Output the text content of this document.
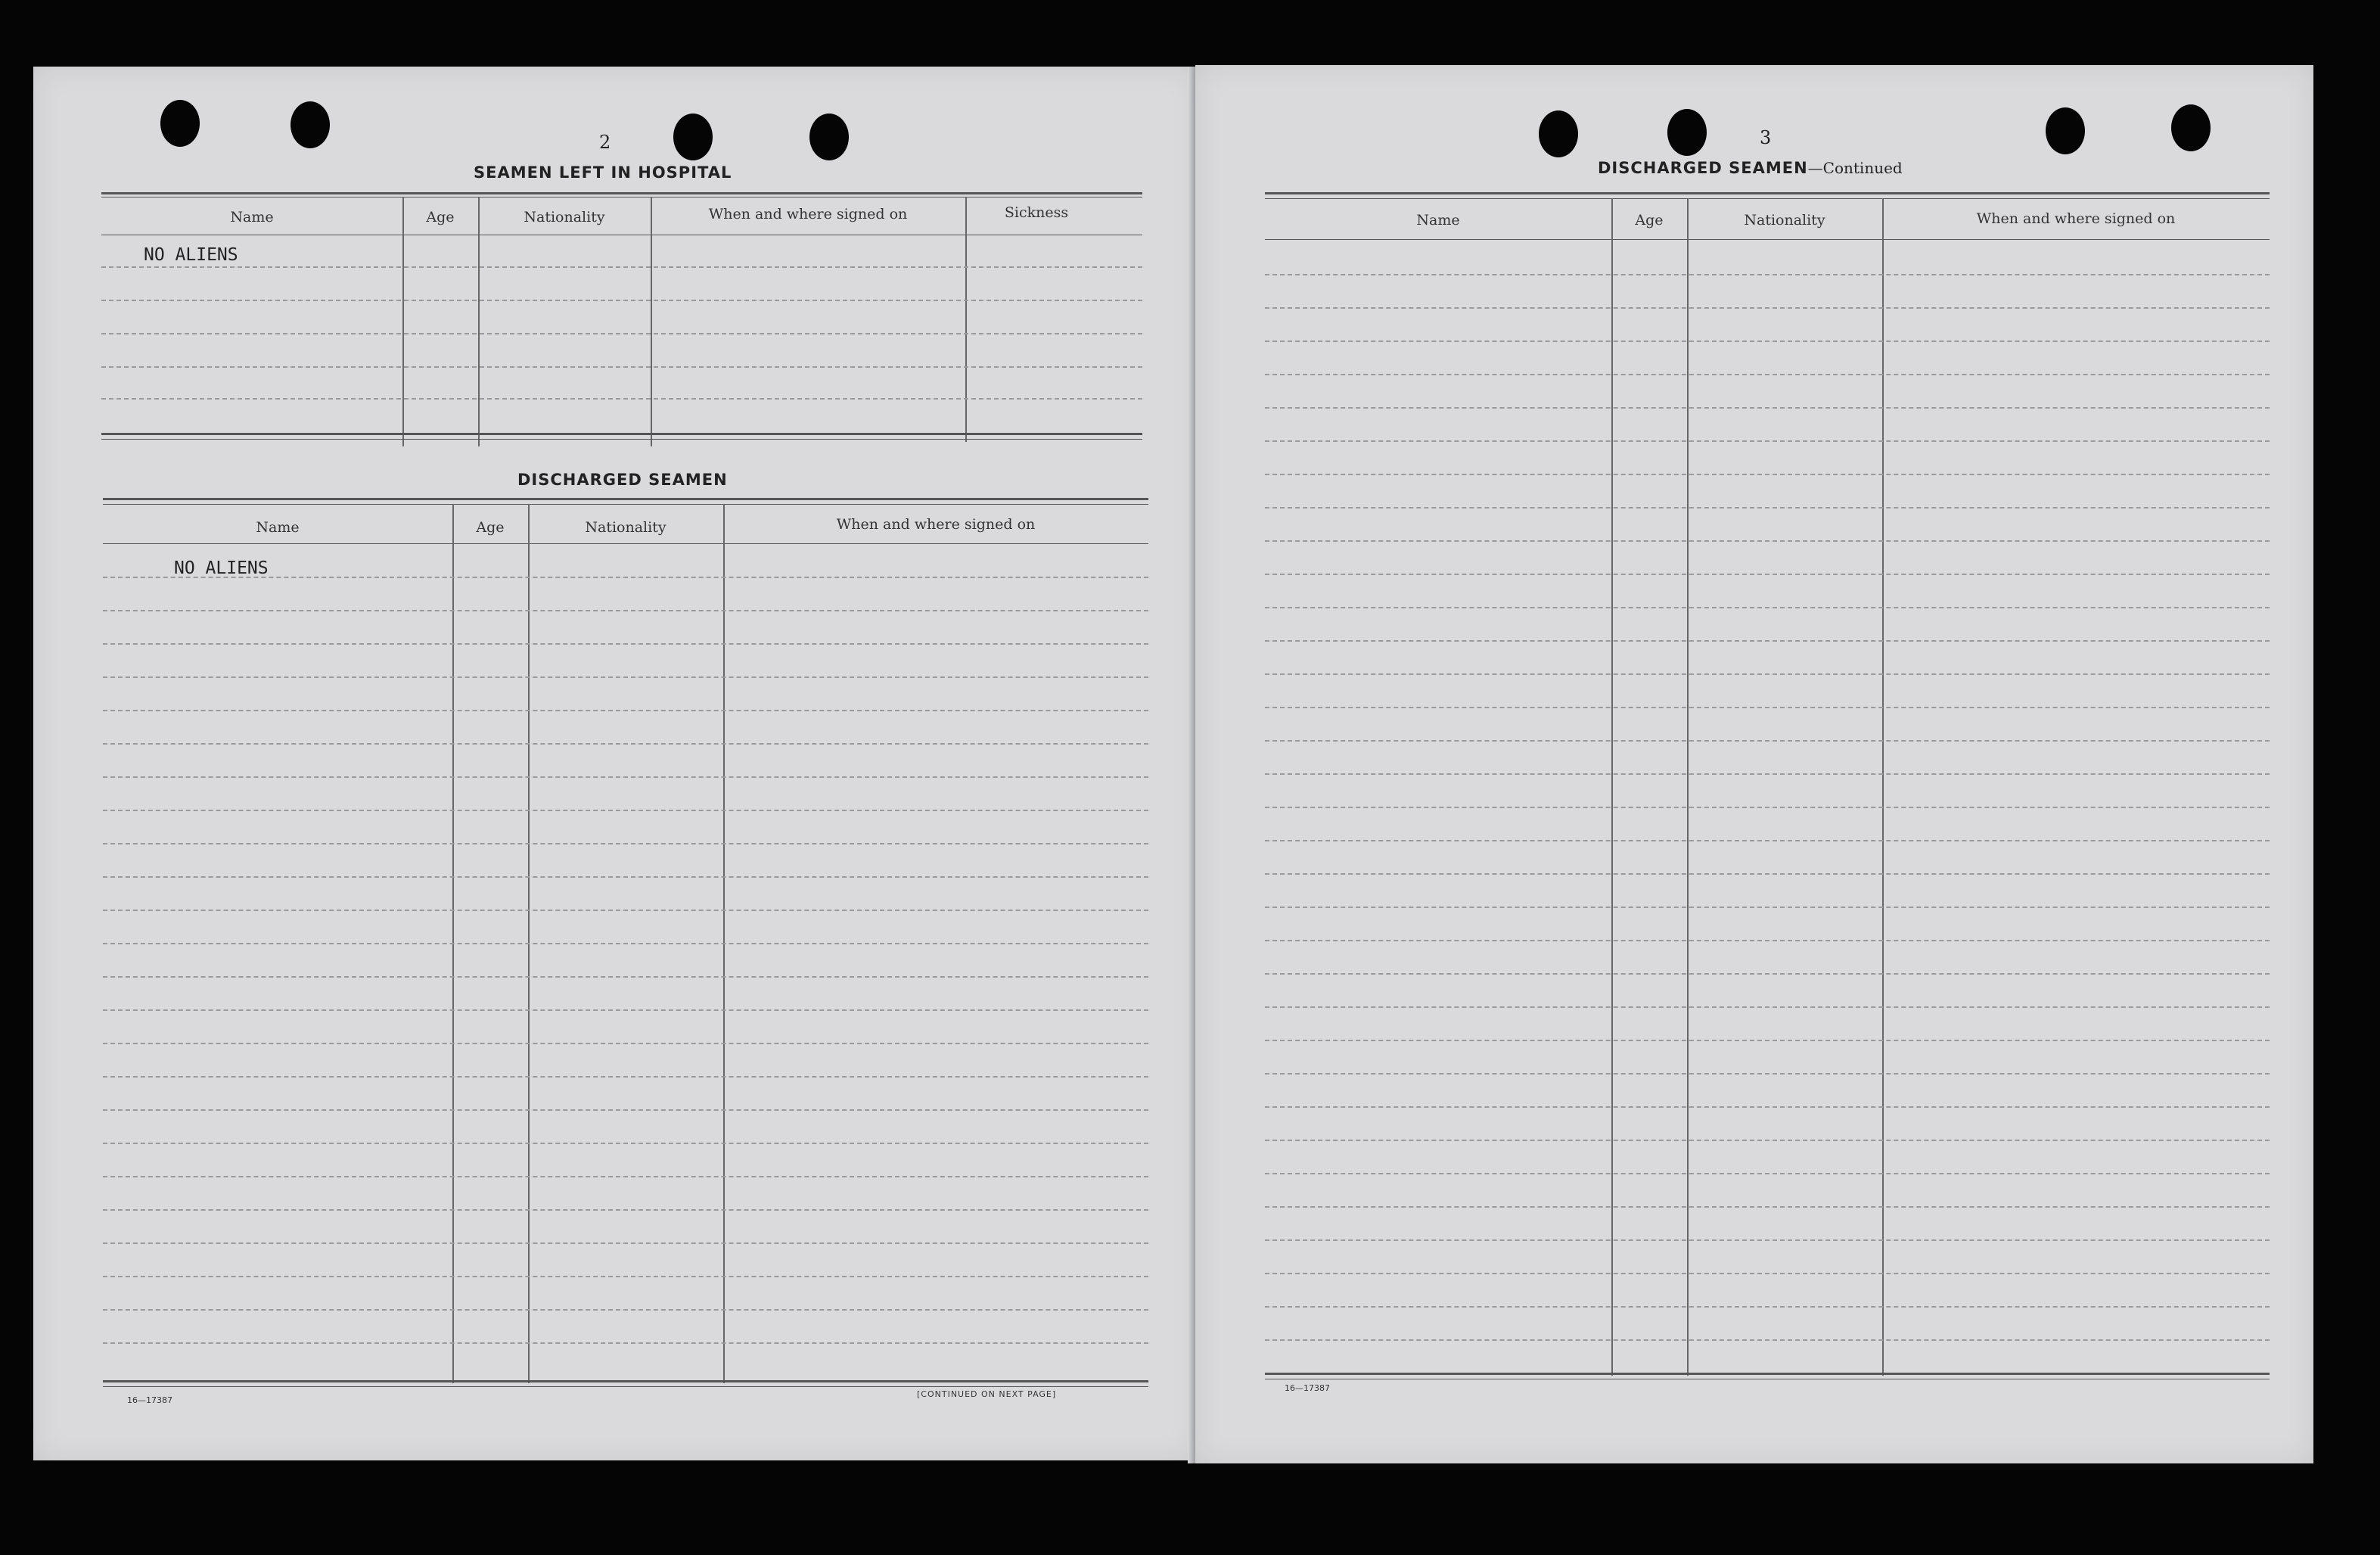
2
SEAMEN LEFT IN HOSPITAL
Name	Age	Nationality	When and where signed on	Sickness
NO ALIENS
DISCHARGED SEAMEN
Name	Age	Nationality	When and where signed on
NO ALIENS
16—17387
[CONTINUED ON NEXT PAGE]
3
DISCHARGED SEAMEN—Continued
Name	Age	Nationality	When and where signed on
16—17387
